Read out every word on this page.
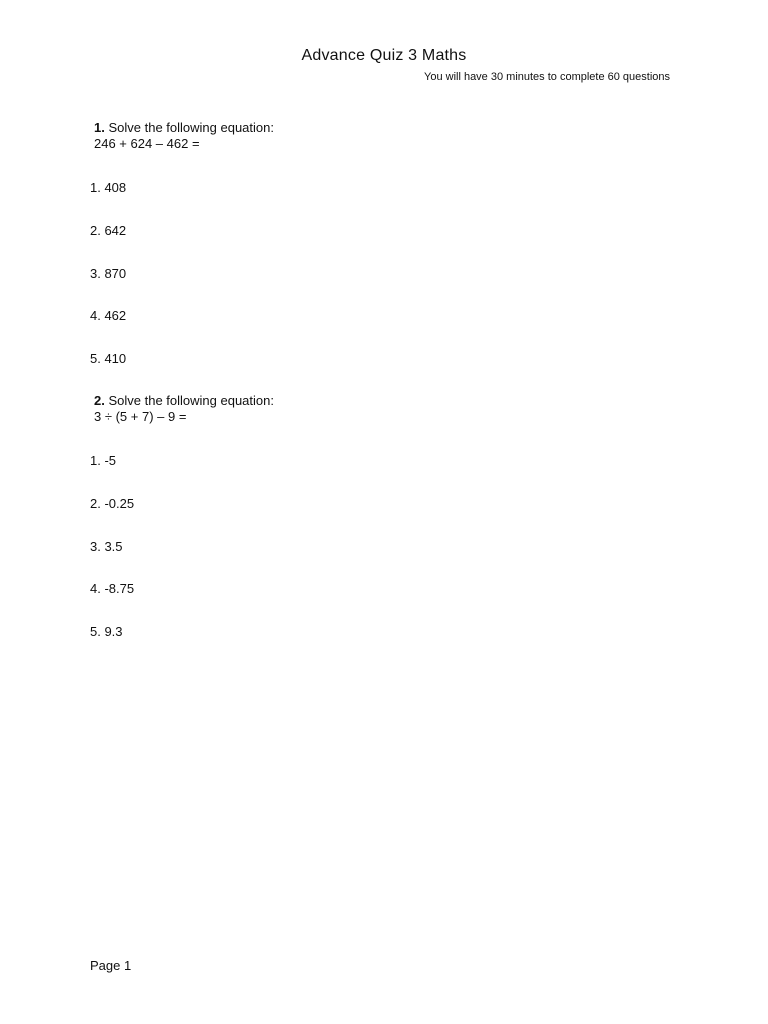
Advance Quiz 3 Maths
You will have 30 minutes to complete 60 questions
1. Solve the following equation:
246 + 624 – 462 =
1. 408
2. 642
3. 870
4. 462
5. 410
2. Solve the following equation:
3 ÷ (5 + 7) – 9 =
1. -5
2. -0.25
3. 3.5
4. -8.75
5. 9.3
Page 1
